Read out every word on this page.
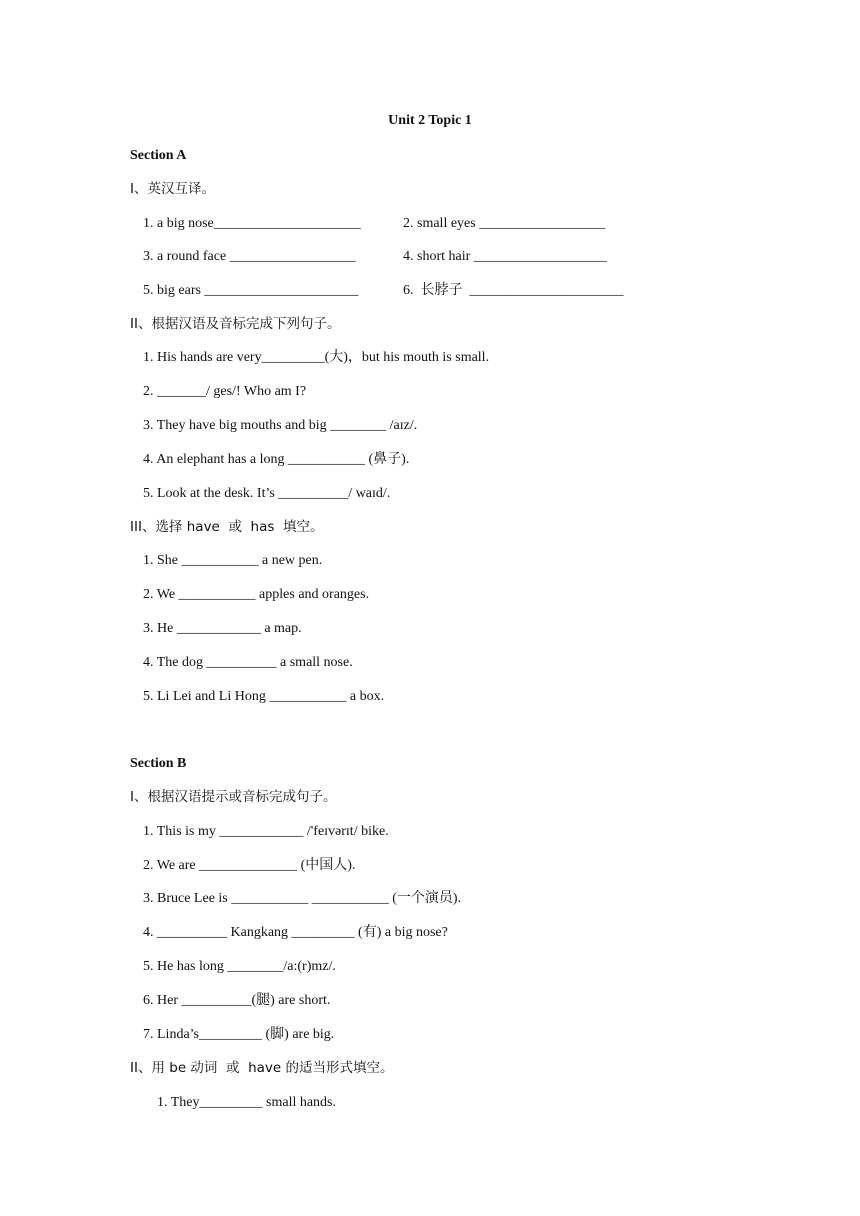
Unit 2 Topic 1
Section A
I、英汉互译。
1. a big nose_____________________	2. small eyes __________________
3. a round face __________________	4. short hair ___________________
5. big ears ______________________	6.  长脖子  ______________________
II、根据汉语及音标完成下列句子。
1. His hands are very_________(大)，but his mouth is small.
2. _______/ ges/! Who am I?
3. They have big mouths and big ________ /aɪz/.
4. An elephant has a long ___________ (鼻子).
5. Look at the desk. It’s __________/ waɪd/.
III、选择 have  或  has  填空。
1. She ___________ a new pen.
2. We ___________ apples and oranges.
3. He ____________ a map.
4. The dog __________ a small nose.
5. Li Lei and Li Hong ___________ a box.
Section B
I、根据汉语提示或音标完成句子。
1. This is my ____________ /'feɪvərɪt/ bike.
2. We are ______________ (中国人).
3. Bruce Lee is ___________ ___________ (一个演员).
4. __________ Kangkang _________ (有) a big nose?
5. He has long ________/a:(r)mz/.
6. Her __________(腿) are short.
7. Linda’s_________ (脚) are big.
II、用 be 动词  或  have 的适当形式填空。
1. They_________ small hands.
